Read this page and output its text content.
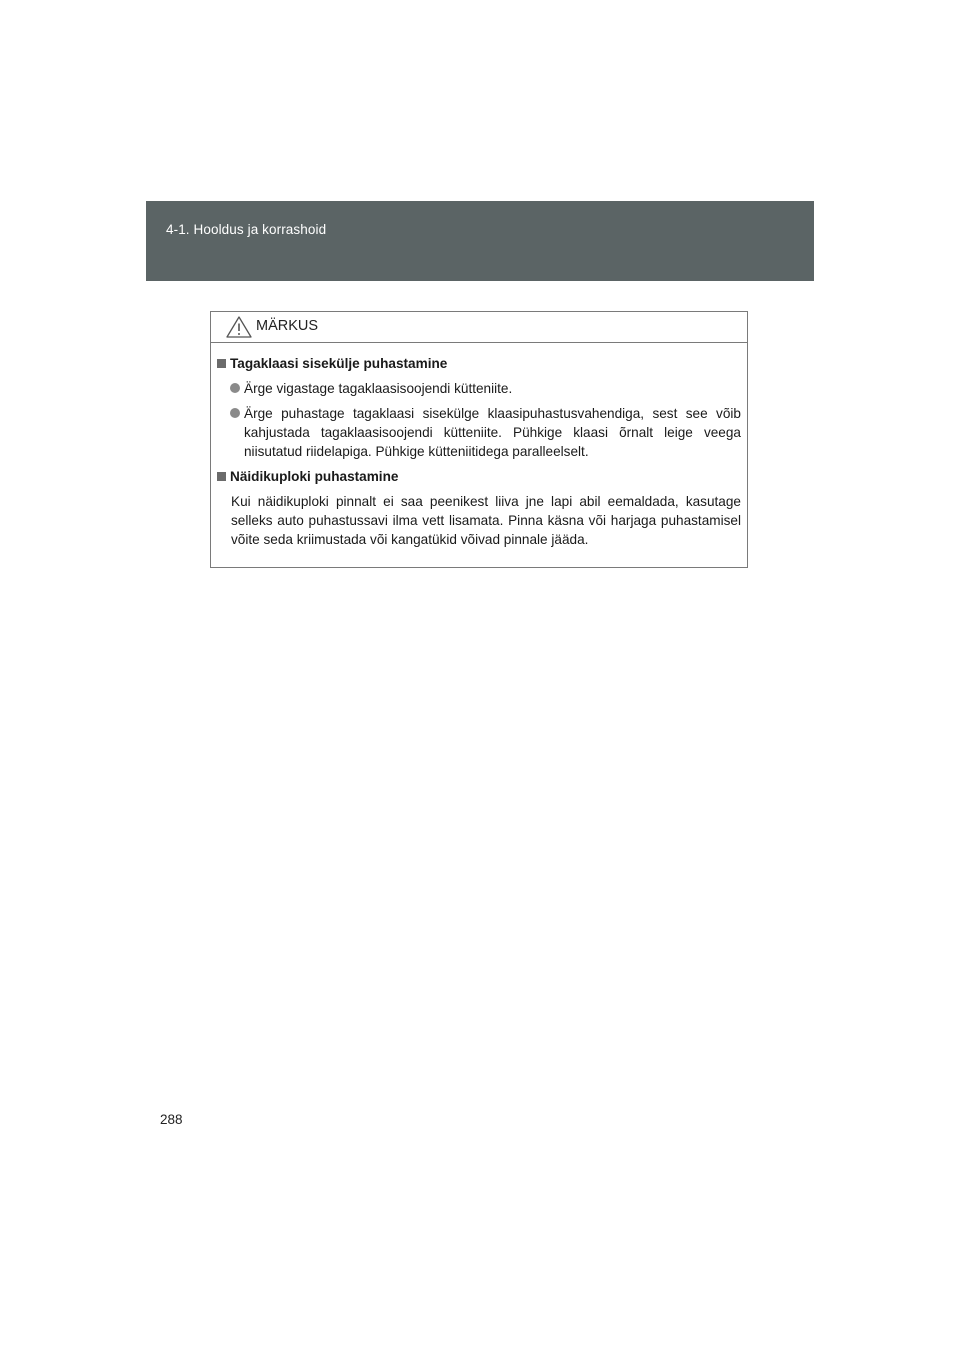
4-1. Hooldus ja korrashoid
MÄRKUS
Tagaklaasi sisekülje puhastamine
Ärge vigastage tagaklaasisoojendi kütteniite.
Ärge puhastage tagaklaasi sisekülge klaasipuhastusvahendiga, sest see võib kahjustada tagaklaasisoojendi kütteniite. Pühkige klaasi õrnalt leige veega niisutatud riidelapiga. Pühkige kütteniitidega paralleelselt.
Näidikuploki puhastamine
Kui näidikuploki pinnalt ei saa peenikest liiva jne lapi abil eemaldada, kasutage selleks auto puhastussavi ilma vett lisamata. Pinna käsna või harjaga puhastamisel võite seda kriimustada või kangatükid võivad pinnale jääda.
288
